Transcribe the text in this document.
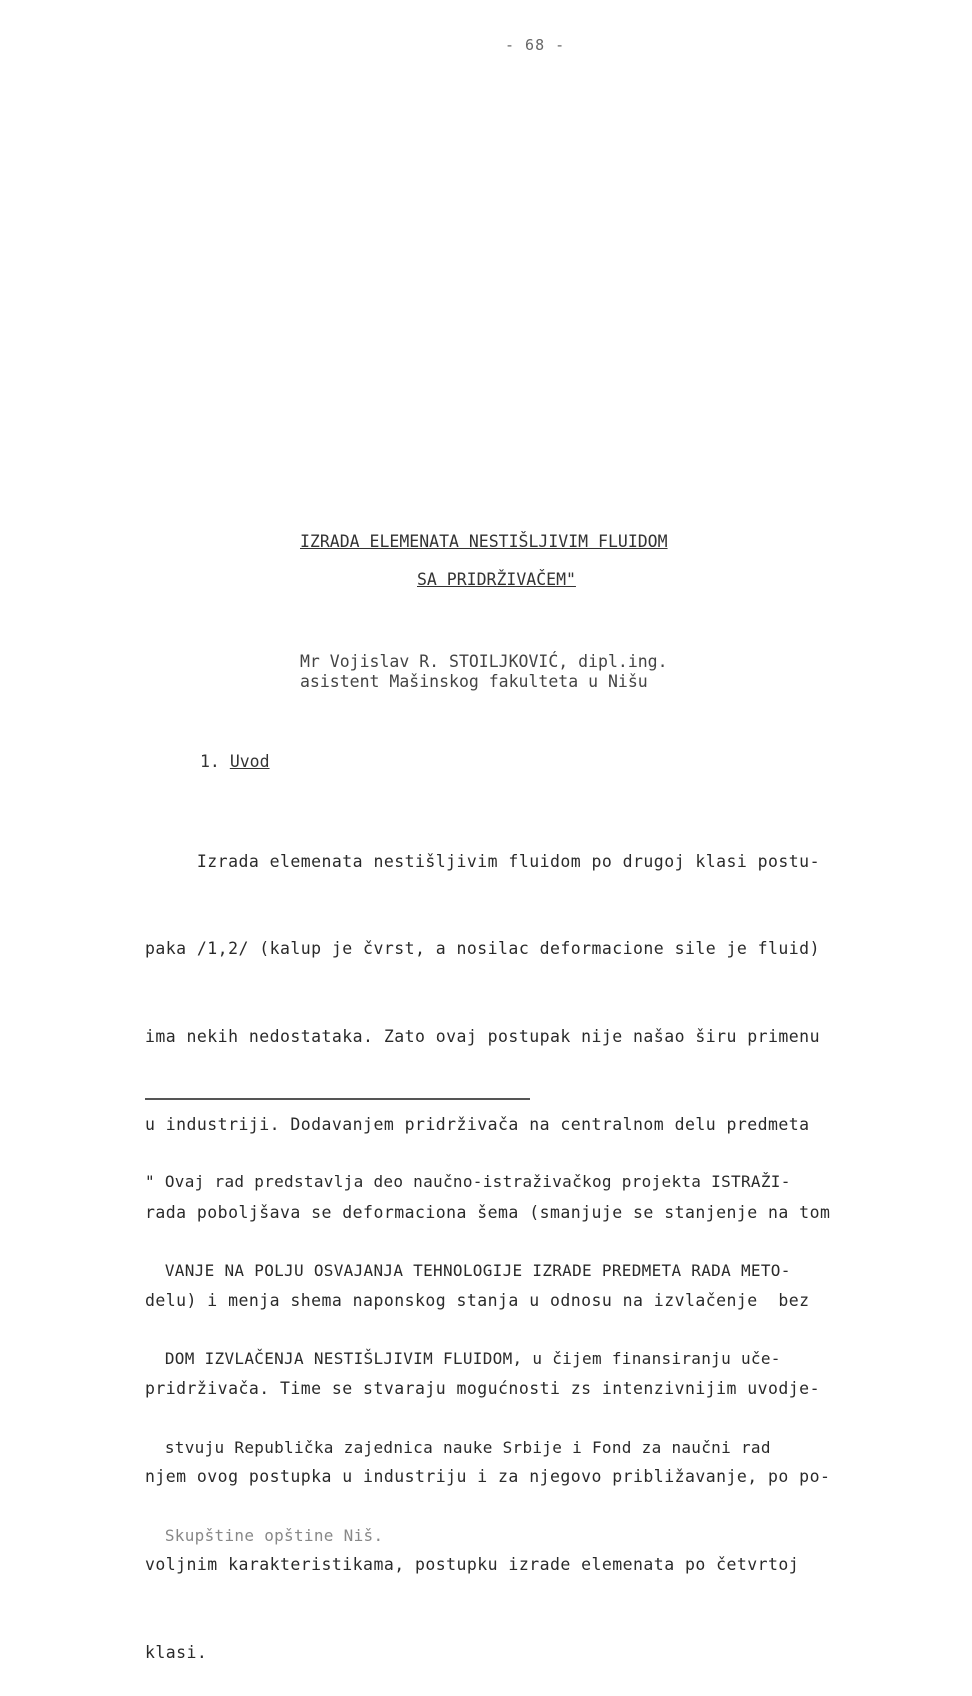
- 68 -
IZRADA ELEMENATA NESTIŠLJIVIM FLUIDOM
SA PRIDRŽIVAČEM"
Mr Vojislav R. STOILJKOVIĆ, dipl.ing.
asistent Mašinskog fakulteta u Nišu
1. Uvod

Izrada elemenata nestišljivim fluidom po drugoj klasi postu-

paka /1,2/ (kalup je čvrst, a nosilac deformacione sile je fluid)

ima nekih nedostataka. Zato ovaj postupak nije našao širu primenu

u industriji. Dodavanjem pridrživača na centralnom delu predmeta

rada poboljšava se deformaciona šema (smanjuje se stanjenje na tom

delu) i menja shema naponskog stanja u odnosu na izvlačenje  bez

pridrživača. Time se stvaraju mogućnosti zs intenzivnijim uvodje-

njem ovog postupka u industriju i za njegovo približavanje, po po-

voljnim karakteristikama, postupku izrade elemenata po četvrtoj

klasi.

" Ovaj rad predstavlja deo naučno-istraživačkog projekta ISTRAŽI-

VANJE NA POLJU OSVAJANJA TEHNOLOGIJE IZRADE PREDMETA RADA METO-

DOM IZVLAČENJA NESTIŠLJIVIM FLUIDOM, u čijem finansiranju uče-

stvuju Republička zajednica nauke Srbije i Fond za naučni rad

Skupštine opštine Niš.
